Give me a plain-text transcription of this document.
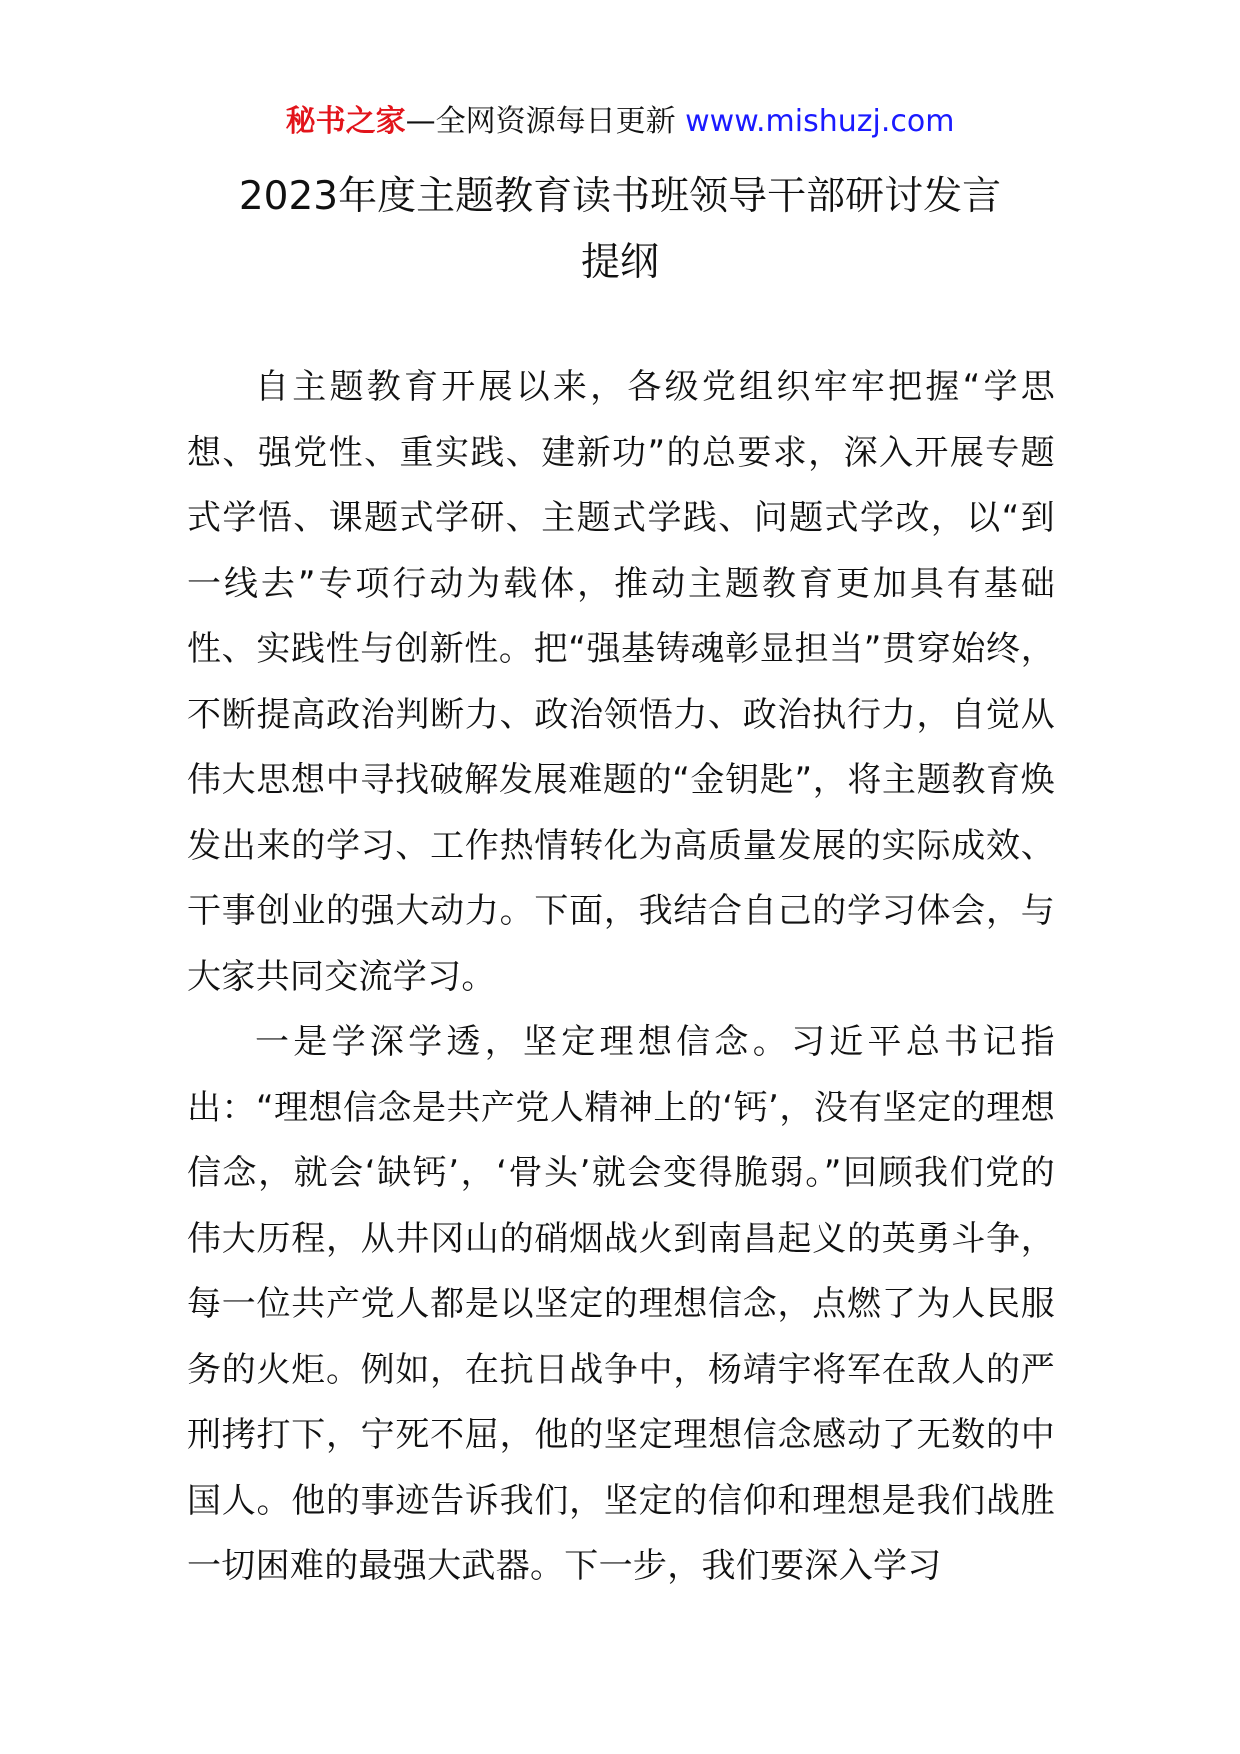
秘书之家—全网资源每日更新 www.mishuzj.com
2023年度主题教育读书班领导干部研讨发言
提纲

自主题教育开展以来，各级党组织牢牢把握“学思想、强党性、重实践、建新功”的总要求，深入开展专题式学悟、课题式学研、主题式学践、问题式学改，以“到一线去”专项行动为载体，推动主题教育更加具有基础性、实践性与创新性。把“强基铸魂彰显担当”贯穿始终，不断提高政治判断力、政治领悟力、政治执行力，自觉从伟大思想中寻找破解发展难题的“金钥匙”，将主题教育焕发出来的学习、工作热情转化为高质量发展的实际成效、干事创业的强大动力。下面，我结合自己的学习体会，与大家共同交流学习。

一是学深学透，坚定理想信念。习近平总书记指出：“理想信念是共产党人精神上的‘钙’，没有坚定的理想信念，就会‘缺钙’，‘骨头’就会变得脆弱。”回顾我们党的伟大历程，从井冈山的硝烟战火到南昌起义的英勇斗争，每一位共产党人都是以坚定的理想信念，点燃了为人民服务的火炬。例如，在抗日战争中，杨靖宇将军在敌人的严刑拷打下，宁死不屈，他的坚定理想信念感动了无数的中国人。他的事迹告诉我们，坚定的信仰和理想是我们战胜一切困难的最强大武器。下一步，我们要深入学习
